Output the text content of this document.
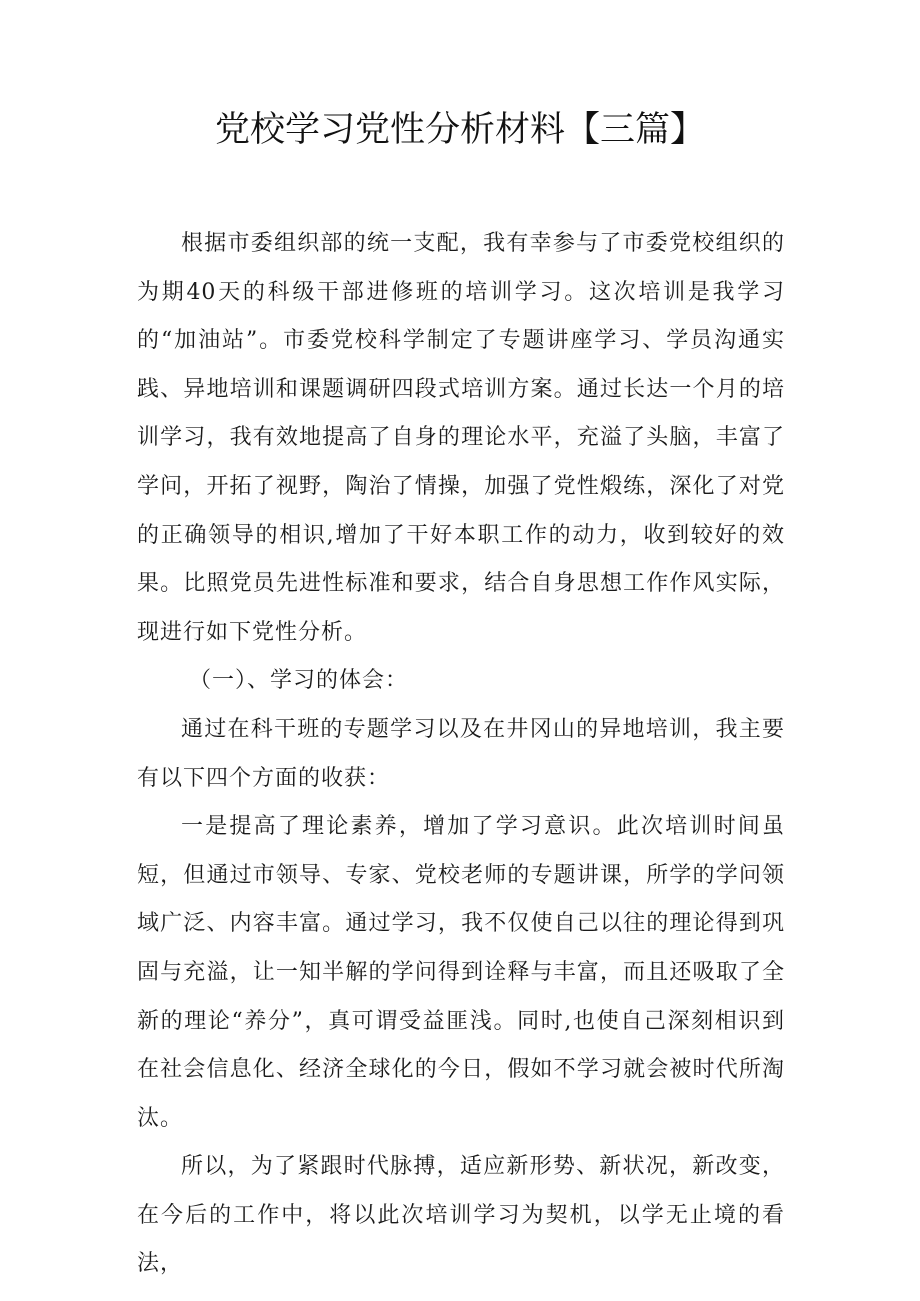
党校学习党性分析材料【三篇】

根据市委组织部的统一支配，我有幸参与了市委党校组织的为期40天的科级干部进修班的培训学习。这次培训是我学习的“加油站”。市委党校科学制定了专题讲座学习、学员沟通实践、异地培训和课题调研四段式培训方案。通过长达一个月的培训学习，我有效地提高了自身的理论水平，充溢了头脑，丰富了学问，开拓了视野，陶治了情操，加强了党性煅练，深化了对党的正确领导的相识,增加了干好本职工作的动力，收到较好的效果。比照党员先进性标准和要求，结合自身思想工作作风实际，现进行如下党性分析。

（一）、学习的体会：

通过在科干班的专题学习以及在井冈山的异地培训，我主要有以下四个方面的收获：

一是提高了理论素养，增加了学习意识。此次培训时间虽短，但通过市领导、专家、党校老师的专题讲课，所学的学问领域广泛、内容丰富。通过学习，我不仅使自己以往的理论得到巩固与充溢，让一知半解的学问得到诠释与丰富，而且还吸取了全新的理论“养分”，真可谓受益匪浅。同时,也使自己深刻相识到在社会信息化、经济全球化的今日，假如不学习就会被时代所淘汰。

所以，为了紧跟时代脉搏，适应新形势、新状况，新改变，在今后的工作中，将以此次培训学习为契机，以学无止境的看法，
